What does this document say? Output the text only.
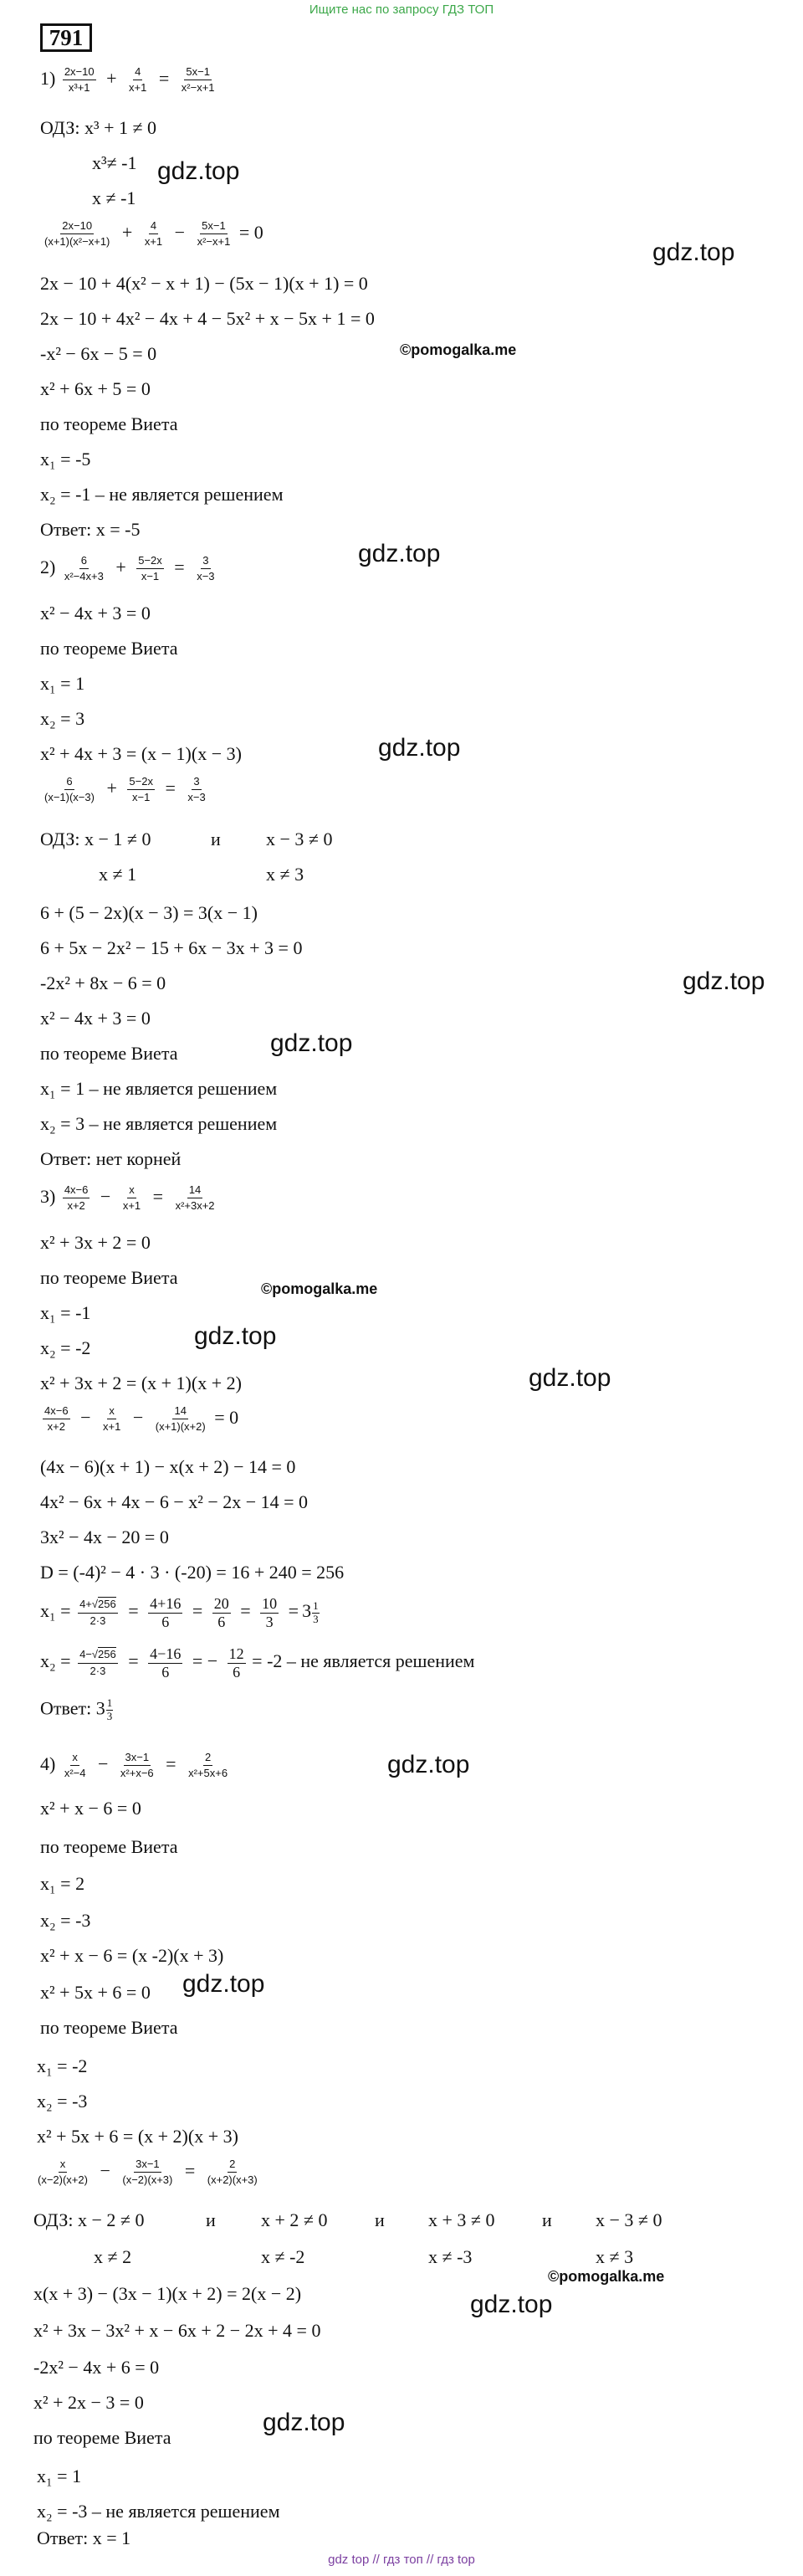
Ищите нас по запросу ГДЗ ТОП
791
gdz.top
gdz.top
©pomogalka.me
gdz.top
gdz.top
gdz.top
gdz.top
©pomogalka.me
gdz.top
gdz.top
gdz.top
gdz.top
©pomogalka.me
gdz.top
gdz.top
$1) \frac{2x-10}{\text{x³+1}} + \frac{4}{x+1} = \frac{5x-1}{\text{x²−x+1}}$
ОДЗ: x³ + 1 ≠ 0
x³≠ -1
x ≠ -1
$\frac{2x-10}{\text{(x+1)(x²−x+1)}} + \frac{4}{x+1} - \frac{5x-1}{\text{x²−x+1}} = 0$
2x − 10 + 4(x² − x + 1) − (5x − 1)(x + 1) = 0
2x − 10 + 4x² − 4x + 4 − 5x² + x − 5x + 1 = 0
-x² − 6x − 5 = 0
x² + 6x + 5 = 0
по теореме Виета
x₁ = -5
x₂ = -1 – не является решением
Ответ: x = -5
$2) \frac{6}{\text{x²−4x+3}} + \frac{5-2x}{x-1} = \frac{3}{x-3}$
x² − 4x + 3 = 0
по теореме Виета
x₁ = 1
x₂ = 3
x² + 4x + 3 = (x − 1)(x − 3)
$\frac{6}{(x-1)(x-3)} + \frac{5-2x}{x-1} = \frac{3}{x-3}$
ОДЗ: x − 1 ≠ 0	и x − 3 ≠ 0
x ≠ 1	x ≠ 3
6 + (5 − 2x)(x − 3) = 3(x − 1)
6 + 5x − 2x² − 15 + 6x − 3x + 3 = 0
-2x² + 8x − 6 = 0
x² − 4x + 3 = 0
по теореме Виета
x₁ = 1 – не является решением
x₂ = 3 – не является решением
Ответ: нет корней
$3) \frac{4x-6}{x+2} - \frac{x}{x+1} = \frac{14}{\text{x²+3x+2}}$
x² + 3x + 2 = 0
по теореме Виета
x₁ = -1
x₂ = -2
x² + 3x + 2 = (x + 1)(x + 2)
$\frac{4x-6}{x+2} - \frac{x}{x+1} - \frac{14}{(x+1)(x+2)} = 0$
(4x − 6)(x + 1) − x(x + 2) − 14 = 0
4x² − 6x + 4x − 6 − x² − 2x − 14 = 0
3x² − 4x − 20 = 0
D = (-4)² − 4 · 3 · (-20) = 16 + 240 = 256
$x_1 = \frac{4+√256}{2\cdot 3} = \frac{4+16}{6} = \frac{20}{6} = \frac{10}{3} = 3 \frac{1}{3}$
$x_2 = \frac{4-√256}{2\cdot 3} = \frac{4-16}{6}$ = − $\frac{12}{6} = -2$ – не является решением
Ответ: $3 \frac{1}{3}$
$4) \frac{x}{\text{x²−4}} - \frac{3x-1}{\text{x²+x−6}} = \frac{2}{\text{x²+5x+6}}$
x² + x − 6 = 0
по теореме Виета
x₁ = 2
x₂ = -3
x² + x − 6 = (x -2)(x + 3)
x² + 5x + 6 = 0
по теореме Виета
x₁ = -2
x₂ = -3
x² + 5x + 6 = (x + 2)(x + 3)
$\frac{x}{(x-2)(x+2)} - \frac{3x-1}{(x-2)(x+3)} = \frac{2}{(x+2)(x+3)}$
ОДЗ: x − 2 ≠ 0	и x + 2 ≠ 0	и x + 3 ≠ 0	и x − 3 ≠ 0
x ≠ 2	x ≠ -2	x ≠ -3	x ≠ 3
x(x + 3) − (3x − 1)(x + 2) = 2(x − 2)
x² + 3x − 3x² + x − 6x + 2 − 2x + 4 = 0
-2x² − 4x + 6 = 0
x² + 2x − 3 = 0
по теореме Виета
x₁ = 1
x₂ = -3 – не является решением
Ответ: x = 1
gdz top // гдз топ // гдз top
